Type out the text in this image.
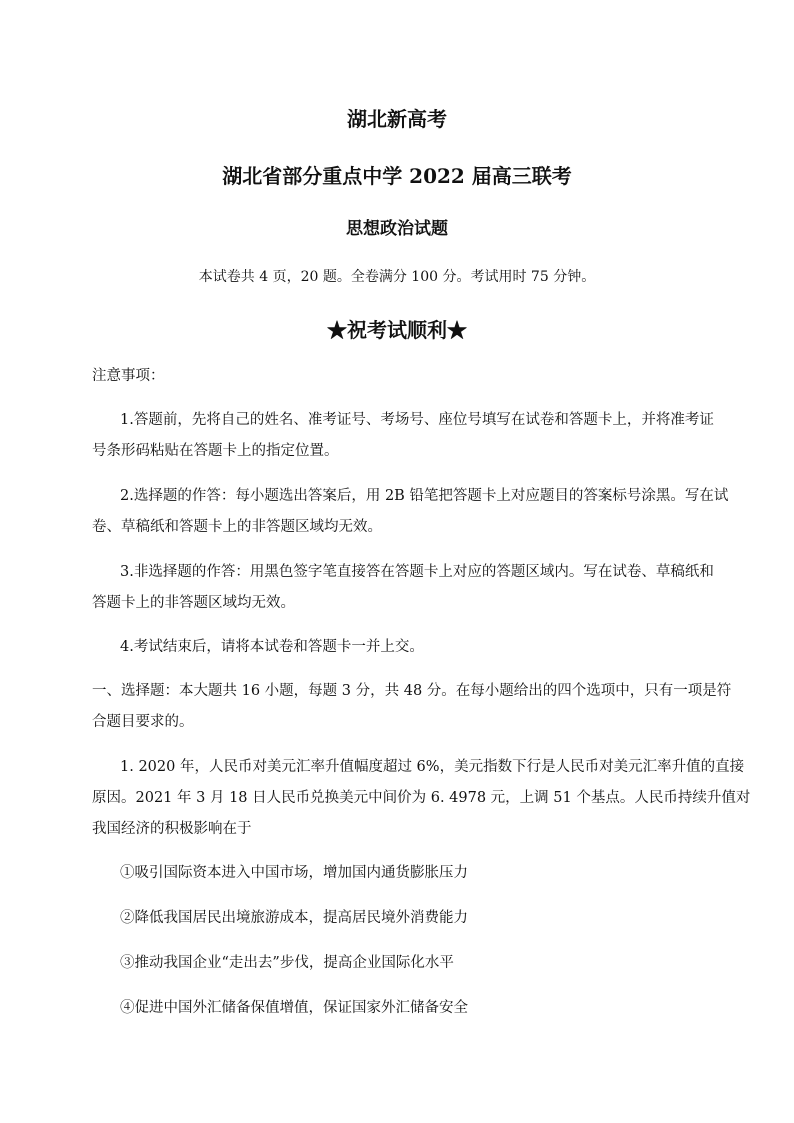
湖北新高考
湖北省部分重点中学 2022 届高三联考
思想政治试题
本试卷共 4 页，20 题。全卷满分 100 分。考试用时 75 分钟。
★祝考试顺利★
注意事项：
1.答题前，先将自己的姓名、准考证号、考场号、座位号填写在试卷和答题卡上，并将准考证
号条形码粘贴在答题卡上的指定位置。
2.选择题的作答：每小题选出答案后，用 2B 铅笔把答题卡上对应题目的答案标号涂黑。写在试
卷、草稿纸和答题卡上的非答题区域均无效。
3.非选择题的作答：用黑色签字笔直接答在答题卡上对应的答题区域内。写在试卷、草稿纸和
答题卡上的非答题区域均无效。
4.考试结束后，请将本试卷和答题卡一并上交。
一、选择题：本大题共 16 小题，每题 3 分，共 48 分。在每小题给出的四个选项中，只有一项是符
合题目要求的。
1. 2020 年，人民币对美元汇率升值幅度超过 6%，美元指数下行是人民币对美元汇率升值的直接
原因。2021 年 3 月 18 日人民币兑换美元中间价为 6. 4978 元，上调 51 个基点。人民币持续升值对
我国经济的积极影响在于
①吸引国际资本进入中国市场，增加国内通货膨胀压力
②降低我国居民出境旅游成本，提高居民境外消费能力
③推动我国企业“走出去”步伐，提高企业国际化水平
④促进中国外汇储备保值增值，保证国家外汇储备安全
